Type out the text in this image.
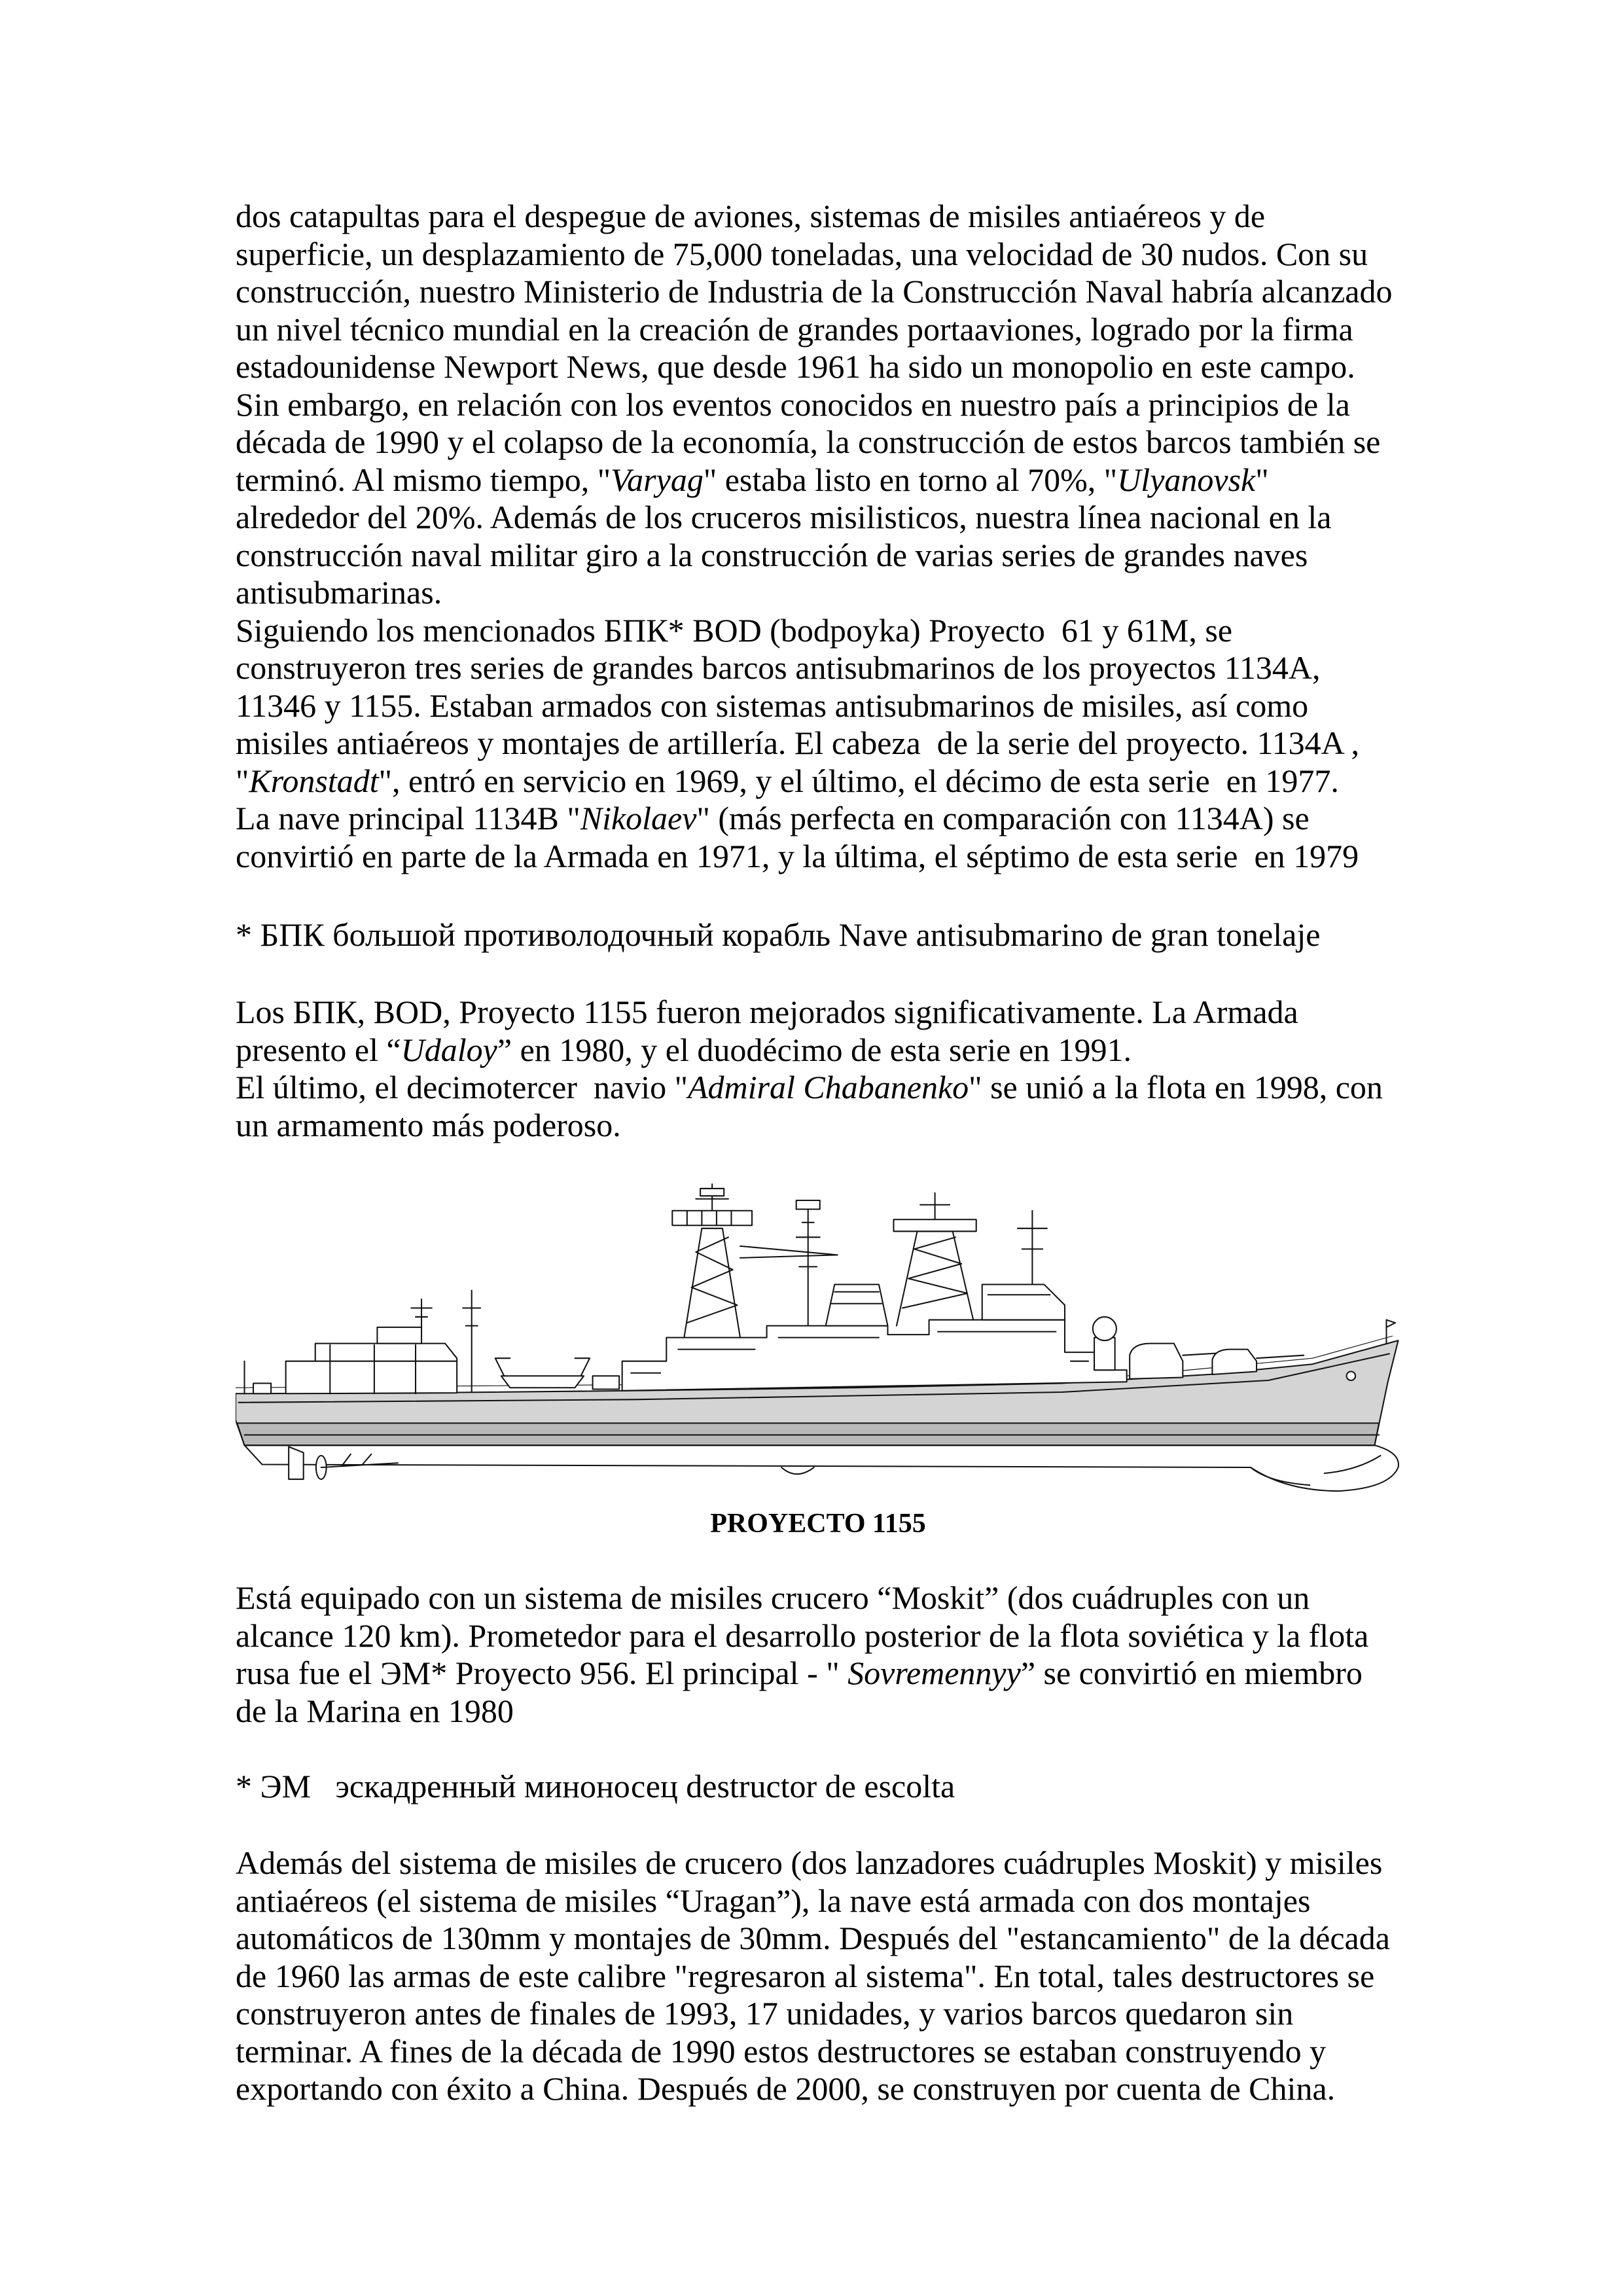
dos catapultas para el despegue de aviones, sistemas de misiles antiaéreos y de
superficie, un desplazamiento de 75,000 toneladas, una velocidad de 30 nudos. Con su
construcción, nuestro Ministerio de Industria de la Construcción Naval habría alcanzado
un nivel técnico mundial en la creación de grandes portaaviones, logrado por la firma
estadounidense Newport News, que desde 1961 ha sido un monopolio en este campo.
Sin embargo, en relación con los eventos conocidos en nuestro país a principios de la
década de 1990 y el colapso de la economía, la construcción de estos barcos también se
terminó. Al mismo tiempo, "Varyag" estaba listo en torno al 70%, "Ulyanovsk"
alrededor del 20%. Además de los cruceros misilisticos, nuestra línea nacional en la
construcción naval militar giro a la construcción de varias series de grandes naves
antisubmarinas.
Siguiendo los mencionados БПК* BOD (bodpoyka) Proyecto  61 y 61M, se
construyeron tres series de grandes barcos antisubmarinos de los proyectos 1134A,
11346 y 1155. Estaban armados con sistemas antisubmarinos de misiles, así como
misiles antiaéreos y montajes de artillería. El cabeza  de la serie del proyecto. 1134A ,
"Kronstadt", entró en servicio en 1969, y el último, el décimo de esta serie  en 1977.
La nave principal 1134B "Nikolaev" (más perfecta en comparación con 1134A) se
convirtió en parte de la Armada en 1971, y la última, el séptimo de esta serie  en 1979
* БПК большой противолодочный корабль Nave antisubmarino de gran tonelaje
Los БПК, BOD, Proyecto 1155 fueron mejorados significativamente. La Armada
presento el “Udaloy” en 1980, y el duodécimo de esta serie en 1991.
El último, el decimotercer  navio "Admiral Chabanenko" se unió a la flota en 1998, con
un armamento más poderoso.
PROYECTO 1155
Está equipado con un sistema de misiles crucero “Moskit” (dos cuádruples con un
alcance 120 km). Prometedor para el desarrollo posterior de la flota soviética y la flota
rusa fue el ЭМ* Proyecto 956. El principal - " Sovremennyy” se convirtió en miembro
de la Marina en 1980
* ЭМ   эскадренный миноносец destructor de escolta
Además del sistema de misiles de crucero (dos lanzadores cuádruples Moskit) y misiles
antiaéreos (el sistema de misiles “Uragan”), la nave está armada con dos montajes
automáticos de 130mm y montajes de 30mm. Después del "estancamiento" de la década
de 1960 las armas de este calibre "regresaron al sistema". En total, tales destructores se
construyeron antes de finales de 1993, 17 unidades, y varios barcos quedaron sin
terminar. A fines de la década de 1990 estos destructores se estaban construyendo y
exportando con éxito a China. Después de 2000, se construyen por cuenta de China.
